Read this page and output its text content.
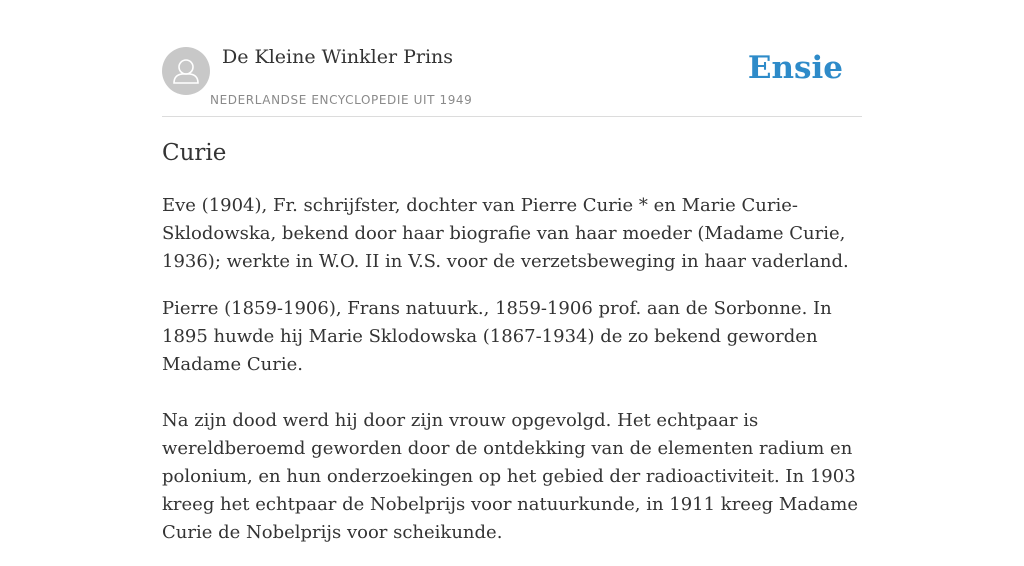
De Kleine Winkler Prins
NEDERLANDSE ENCYCLOPEDIE UIT 1949
Ensie
Curie

Eve (1904), Fr. schrijfster, dochter van Pierre Curie * en Marie Curie-Sklodowska, bekend door haar biografie van haar moeder (Madame Curie, 1936); werkte in W.O. II in V.S. voor de verzetsbeweging in haar vaderland.

Pierre (1859-1906), Frans natuurk., 1859-1906 prof. aan de Sorbonne. In 1895 huwde hij Marie Sklodowska (1867-1934) de zo bekend geworden Madame Curie.

Na zijn dood werd hij door zijn vrouw opgevolgd. Het echtpaar is wereldberoemd geworden door de ontdekking van de elementen radium en polonium, en hun onderzoekingen op het gebied der radioactiviteit. In 1903 kreeg het echtpaar de Nobelprijs voor natuurkunde, in 1911 kreeg Madame Curie de Nobelprijs voor scheikunde.
